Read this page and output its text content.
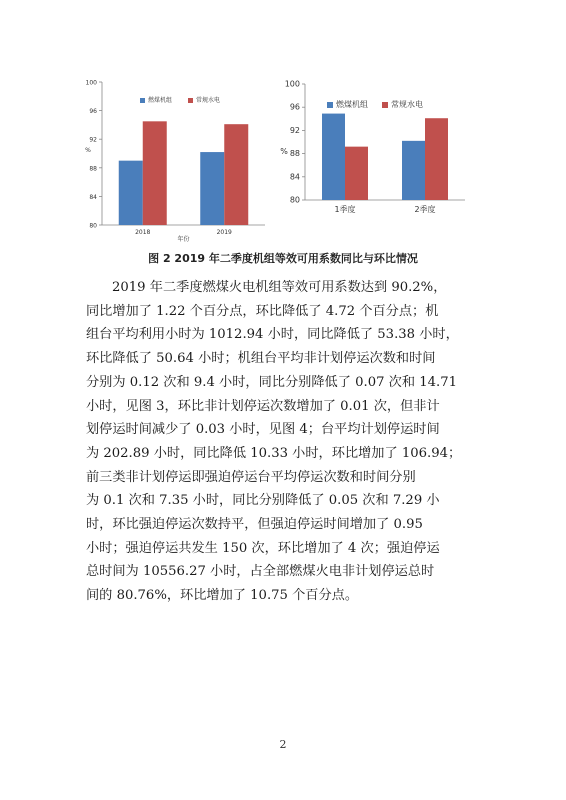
80
84
88
92
96
100
%
2018	2019
年份
燃煤机组	常规水电
80
84
88
92
96
100
%
1季度	2季度
燃煤机组	常规水电
图 2 2019 年二季度机组等效可用系数同比与环比情况
2019 年二季度燃煤火电机组等效可用系数达到 90.2%，
同比增加了 1.22 个百分点，环比降低了 4.72 个百分点；机
组台平均利用小时为 1012.94 小时，同比降低了 53.38 小时，
环比降低了 50.64 小时；机组台平均非计划停运次数和时间
分别为 0.12 次和 9.4 小时，同比分别降低了 0.07 次和 14.71
小时，见图 3，环比非计划停运次数增加了 0.01 次，但非计
划停运时间减少了 0.03 小时，见图 4；台平均计划停运时间
为 202.89 小时，同比降低 10.33 小时，环比增加了 106.94；
前三类非计划停运即强迫停运台平均停运次数和时间分别
为 0.1 次和 7.35 小时，同比分别降低了 0.05 次和 7.29 小
时，环比强迫停运次数持平，但强迫停运时间增加了 0.95
小时；强迫停运共发生 150 次，环比增加了 4 次；强迫停运
总时间为 10556.27 小时，占全部燃煤火电非计划停运总时
间的 80.76%，环比增加了 10.75 个百分点。
2
